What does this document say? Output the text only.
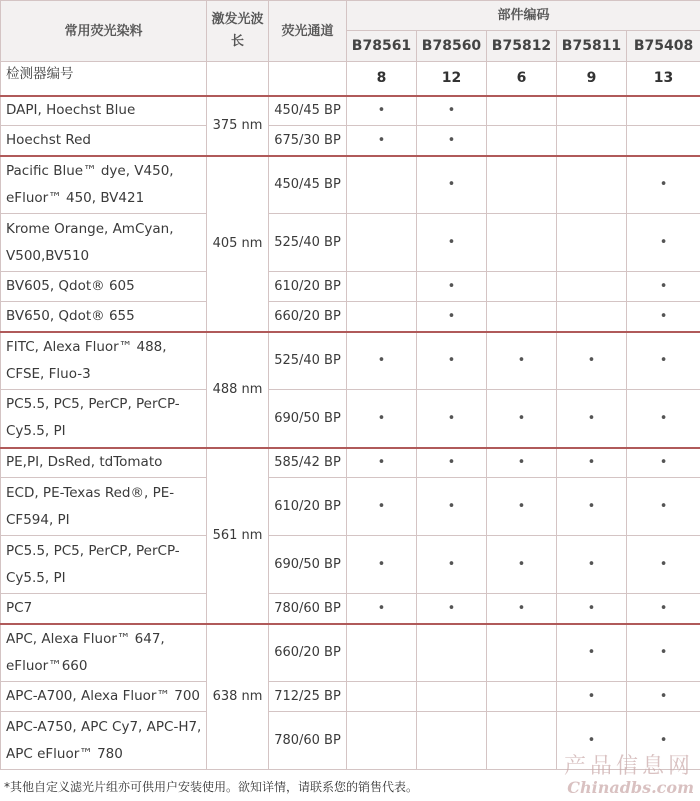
常用荧光染料	激发光波长	荧光通道	部件编码				
			B78561	B78560	B75812	B75811	B75408
检测器编号			8	12	6	9	13
DAPI, Hoechst Blue	375 nm	450/45 BP	•	•			
Hoechst Red		675/30 BP	•	•			
Pacific Blue™ dye, V450, eFluor™ 450, BV421	405 nm	450/45 BP		•			•
Krome Orange, AmCyan, V500,BV510		525/40 BP		•			•
BV605, Qdot® 605		610/20 BP		•			•
BV650, Qdot® 655		660/20 BP		•			•
FITC, Alexa Fluor™ 488, CFSE, Fluo-3	488 nm	525/40 BP	•	•	•	•	•
PC5.5, PC5, PerCP, PerCP-Cy5.5, PI		690/50 BP	•	•	•	•	•
PE,PI, DsRed, tdTomato	561 nm	585/42 BP	•	•	•	•	•
ECD, PE-Texas Red®, PE-CF594, PI		610/20 BP	•	•	•	•	•
PC5.5, PC5, PerCP, PerCP-Cy5.5, PI		690/50 BP	•	•	•	•	•
PC7		780/60 BP	•	•	•	•	•
APC, Alexa Fluor™ 647, eFluor™660	638 nm	660/20 BP				•	•
APC-A700, Alexa Fluor™ 700		712/25 BP				•	•
APC-A750, APC Cy7, APC-H7, APC eFluor™ 780		780/60 BP				•	•
*其他自定义滤光片组亦可供用户安装使用。欲知详情，请联系您的销售代表。
产品信息网
Chinadbs.com
